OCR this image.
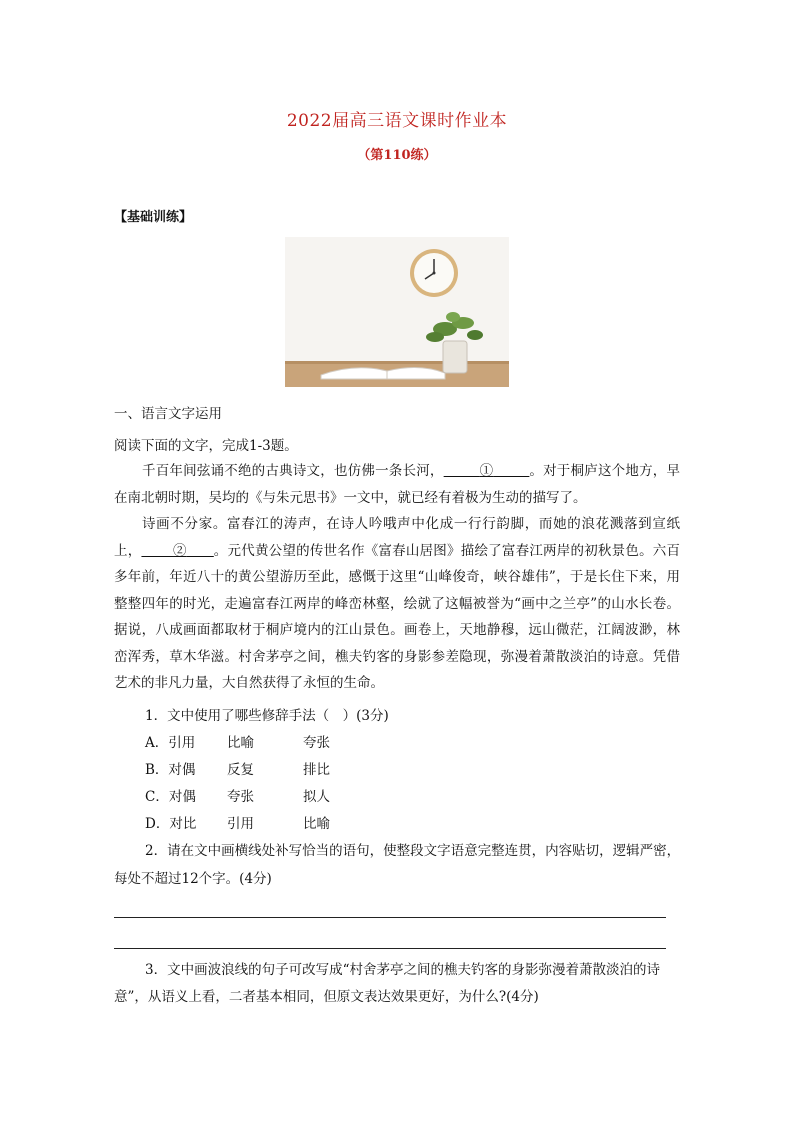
2022届高三语文课时作业本
（第110练）
【基础训练】
一、语言文字运用
阅读下面的文字，完成1-3题。
千百年间弦诵不绝的古典诗文，也仿佛一条长河，	①	。对于桐庐这个地方，早在南北朝时期，吴均的《与朱元思书》一文中，就已经有着极为生动的描写了。
诗画不分家。富春江的涛声，在诗人吟哦声中化成一行行韵脚，而她的浪花溅落到宣纸上， ② 。元代黄公望的传世名作《富春山居图》描绘了富春江两岸的初秋景色。六百多年前，年近八十的黄公望游历至此，感慨于这里“山峰俊奇，峡谷雄伟”，于是长住下来，用整整四年的时光，走遍富春江两岸的峰峦林壑，绘就了这幅被誉为“画中之兰亭”的山水长卷。据说，八成画面都取材于桐庐境内的江山景色。画卷上，天地静穆，远山微茫，江阔波渺，林峦浑秀，草木华滋。村舍茅亭之间，樵夫钓客的身影参差隐现，弥漫着萧散淡泊的诗意。凭借艺术的非凡力量，大自然获得了永恒的生命。
1．文中使用了哪些修辞手法（　）(3分)
A．引用 比喻	夸张
B．对偶 反复	排比
C．对偶 夸张	拟人
D．对比 引用	比喻
2．请在文中画横线处补写恰当的语句，使整段文字语意完整连贯，内容贴切，逻辑严密，
每处不超过12个字。(4分)
3．文中画波浪线的句子可改写成“村舍茅亭之间的樵夫钓客的身影弥漫着萧散淡泊的诗
意”，从语义上看，二者基本相同，但原文表达效果更好，为什么?(4分)
